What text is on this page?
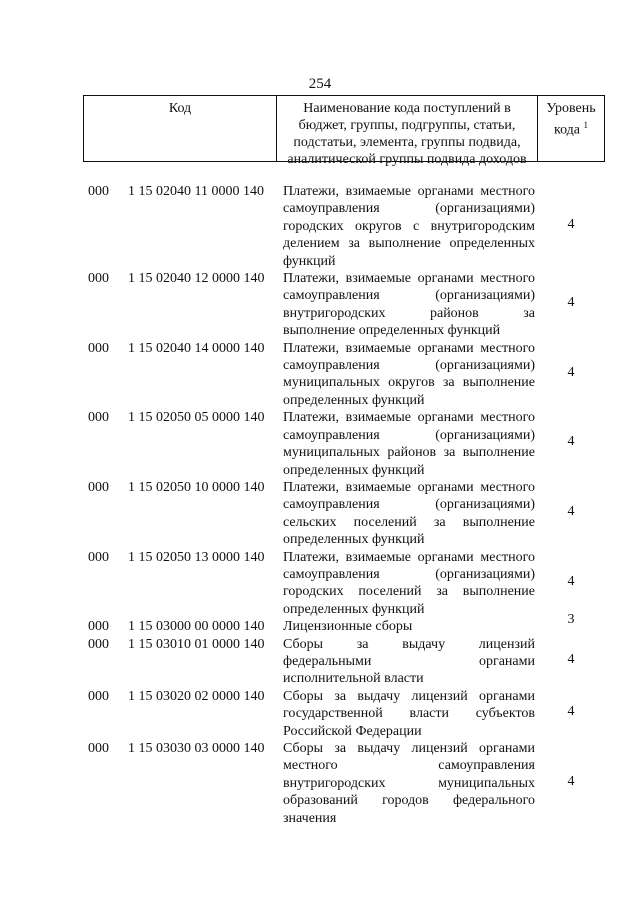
254
Код	Наименование кода поступлений в
бюджет, группы, подгруппы, статьи,
подстатьи, элемента, группы подвида,
аналитической группы подвида доходов
Уровень
кода $^1$
000 1 15 02040 11 0000 140 Платежи, взимаемые органами местного
самоуправления (организациями)
городских округов с внутригородским
делением за выполнение определенных
функций
4
000 1 15 02040 12 0000 140 Платежи, взимаемые органами местного
самоуправления (организациями)
внутригородских районов за
выполнение определенных функций
4
000 1 15 02040 14 0000 140 Платежи, взимаемые органами местного
самоуправления (организациями)
муниципальных округов за выполнение
определенных функций
4
000 1 15 02050 05 0000 140 Платежи, взимаемые органами местного
самоуправления (организациями)
муниципальных районов за выполнение
определенных функций
4
000 1 15 02050 10 0000 140 Платежи, взимаемые органами местного
самоуправления (организациями)
сельских поселений за выполнение
определенных функций
4
000 1 15 02050 13 0000 140 Платежи, взимаемые органами местного
самоуправления (организациями)
городских поселений за выполнение
определенных функций
4
000 1 15 03000 00 0000 140 Лицензионные сборы	3
000 1 15 03010 01 0000 140 Сборы за выдачу лицензий
федеральными органами
исполнительной власти
4
000 1 15 03020 02 0000 140 Сборы за выдачу лицензий органами
государственной власти субъектов
Российской Федерации
4
000 1 15 03030 03 0000 140 Сборы за выдачу лицензий органами
местного самоуправления
внутригородских муниципальных
образований городов федерального
значения
4
